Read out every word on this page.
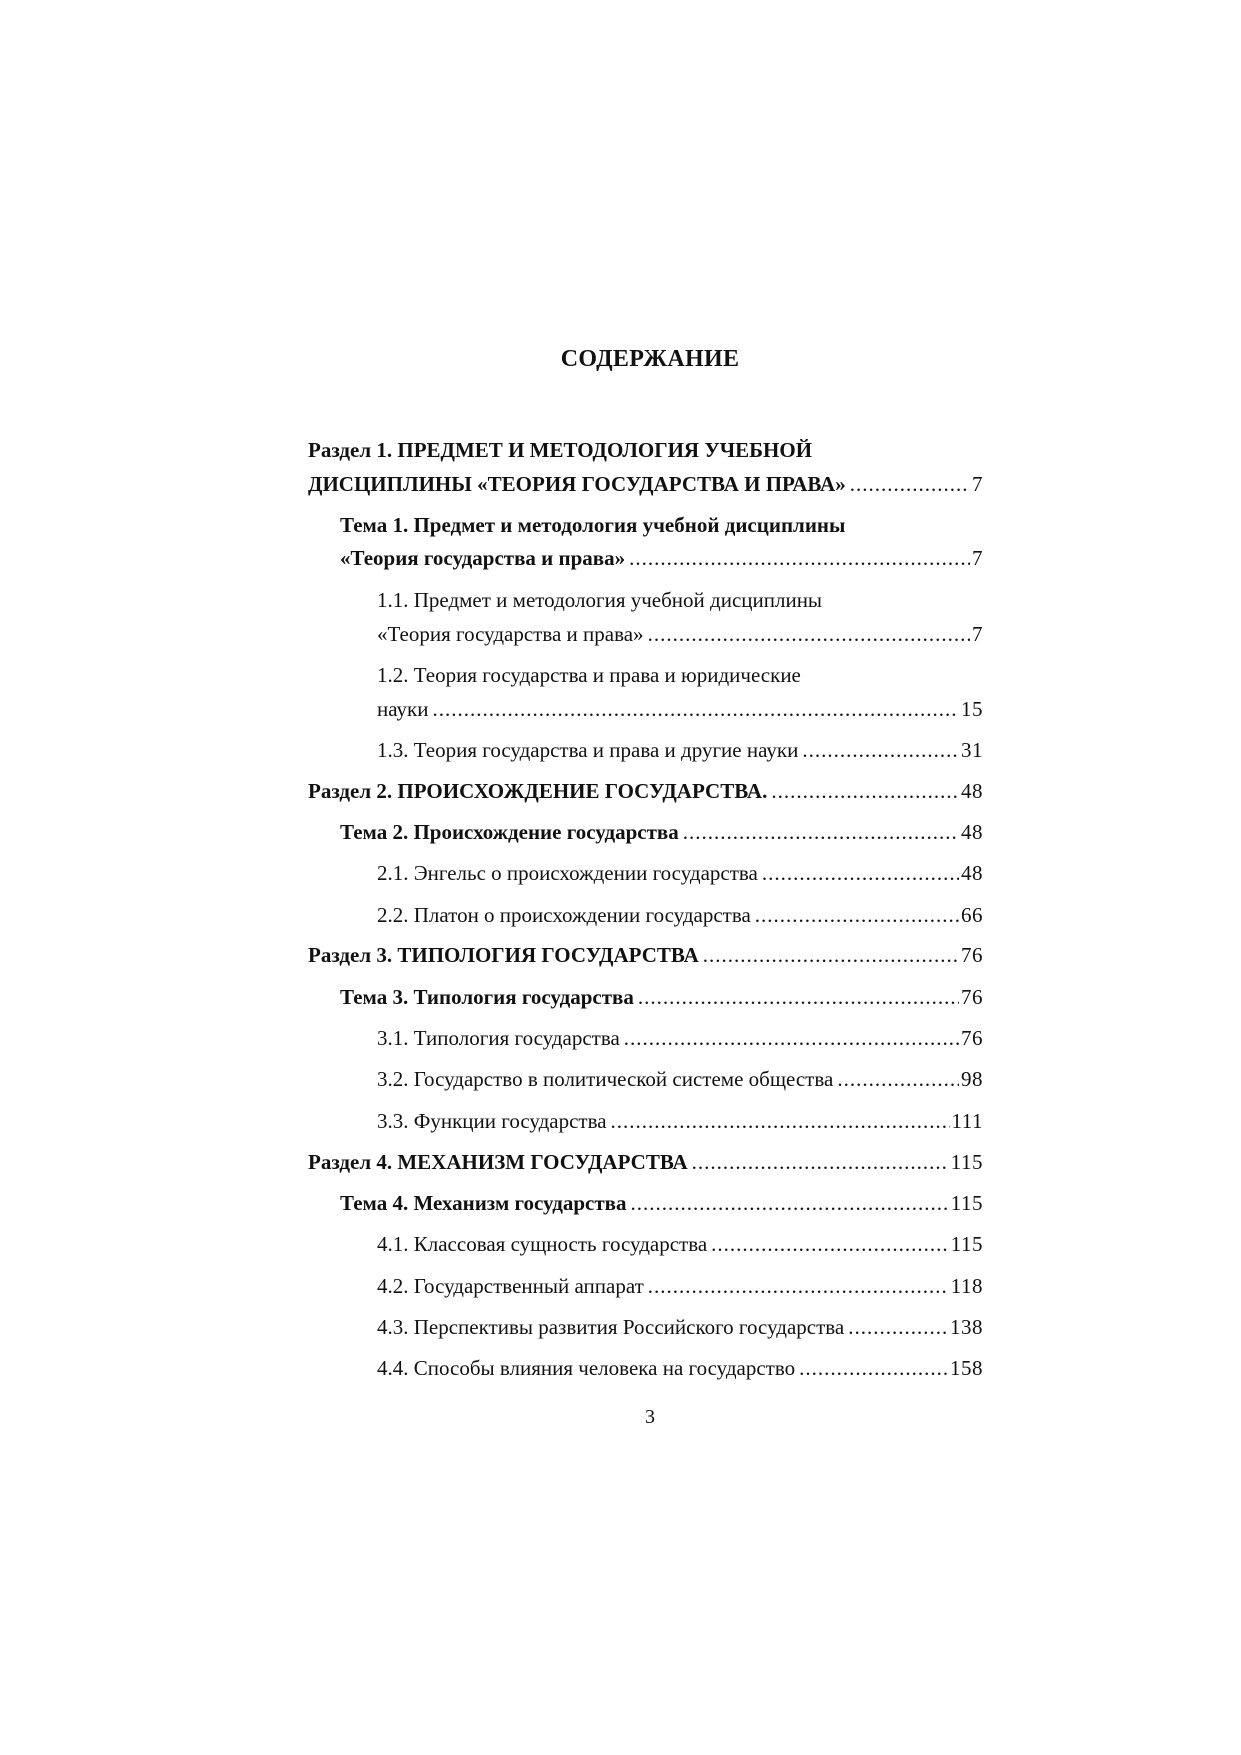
СОДЕРЖАНИЕ
Раздел 1. ПРЕДМЕТ И МЕТОДОЛОГИЯ УЧЕБНОЙ
ДИСЦИПЛИНЫ «ТЕОРИЯ ГОСУДАРСТВА И ПРАВА» .....	7
Тема 1. Предмет и методология учебной дисциплины
«Теория государства и права» .....	7
1.1. Предмет и методология учебной дисциплины
«Теория государства и права» .....	7
1.2. Теория государства и права и юридические
науки .....	15
1.3. Теория государства и права и другие науки .....	31
Раздел 2. ПРОИСХОЖДЕНИЕ ГОСУДАРСТВА. .....	48
Тема 2. Происхождение государства .....	48
2.1. Энгельс о происхождении государства .....	48
2.2. Платон о происхождении государства .....	66
Раздел 3. ТИПОЛОГИЯ ГОСУДАРСТВА .....	76
Тема 3. Типология государства .....	76
3.1. Типология государства .....	76
3.2. Государство в политической системе общества .....	98
3.3. Функции государства .....	111
Раздел 4. МЕХАНИЗМ ГОСУДАРСТВА .....	115
Тема 4. Механизм государства .....	115
4.1. Классовая сущность государства .....	115
4.2. Государственный аппарат .....	118
4.3. Перспективы развития Российского государства .....	138
4.4. Способы влияния человека на государство .....	158
3
